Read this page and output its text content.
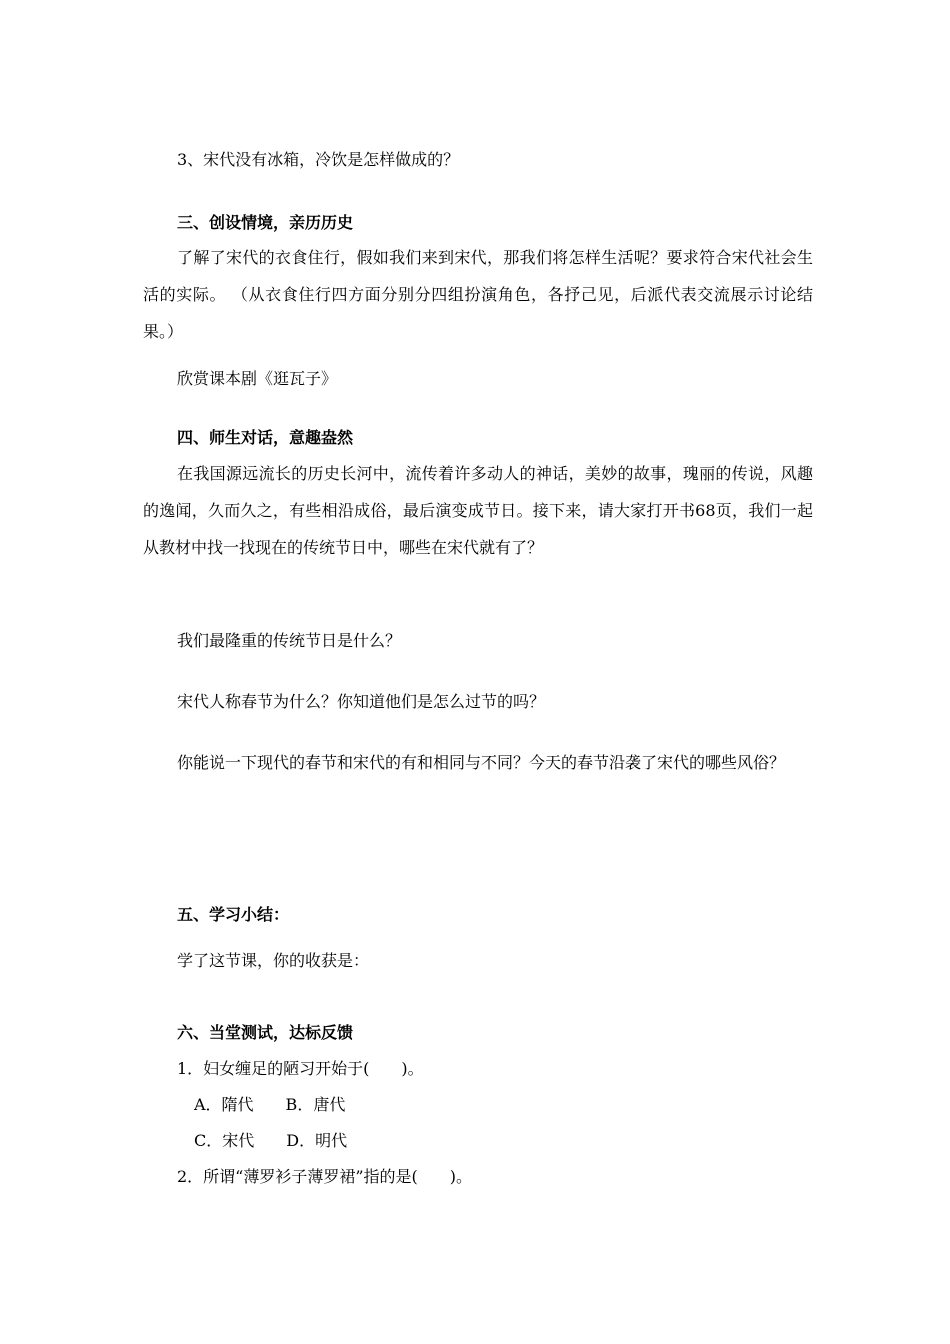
3、宋代没有冰箱，冷饮是怎样做成的？
三、创设情境，亲历历史
了解了宋代的衣食住行，假如我们来到宋代，那我们将怎样生活呢？要求符合宋代社会生活的实际。 （从衣食住行四方面分别分四组扮演角色，各抒己见，后派代表交流展示讨论结果。）
欣赏课本剧《逛瓦子》
四、师生对话，意趣盎然
在我国源远流长的历史长河中，流传着许多动人的神话，美妙的故事，瑰丽的传说，风趣的逸闻，久而久之，有些相沿成俗，最后演变成节日。接下来，请大家打开书68页，我们一起从教材中找一找现在的传统节日中，哪些在宋代就有了？
我们最隆重的传统节日是什么？
宋代人称春节为什么？你知道他们是怎么过节的吗？
你能说一下现代的春节和宋代的有和相同与不同？今天的春节沿袭了宋代的哪些风俗？
五、学习小结：
学了这节课，你的收获是：
六、当堂测试，达标反馈
1．妇女缠足的陋习开始于(　　)。
A．隋代　　B．唐代
C．宋代　　D．明代
2．所谓“薄罗衫子薄罗裙”指的是(　　)。
